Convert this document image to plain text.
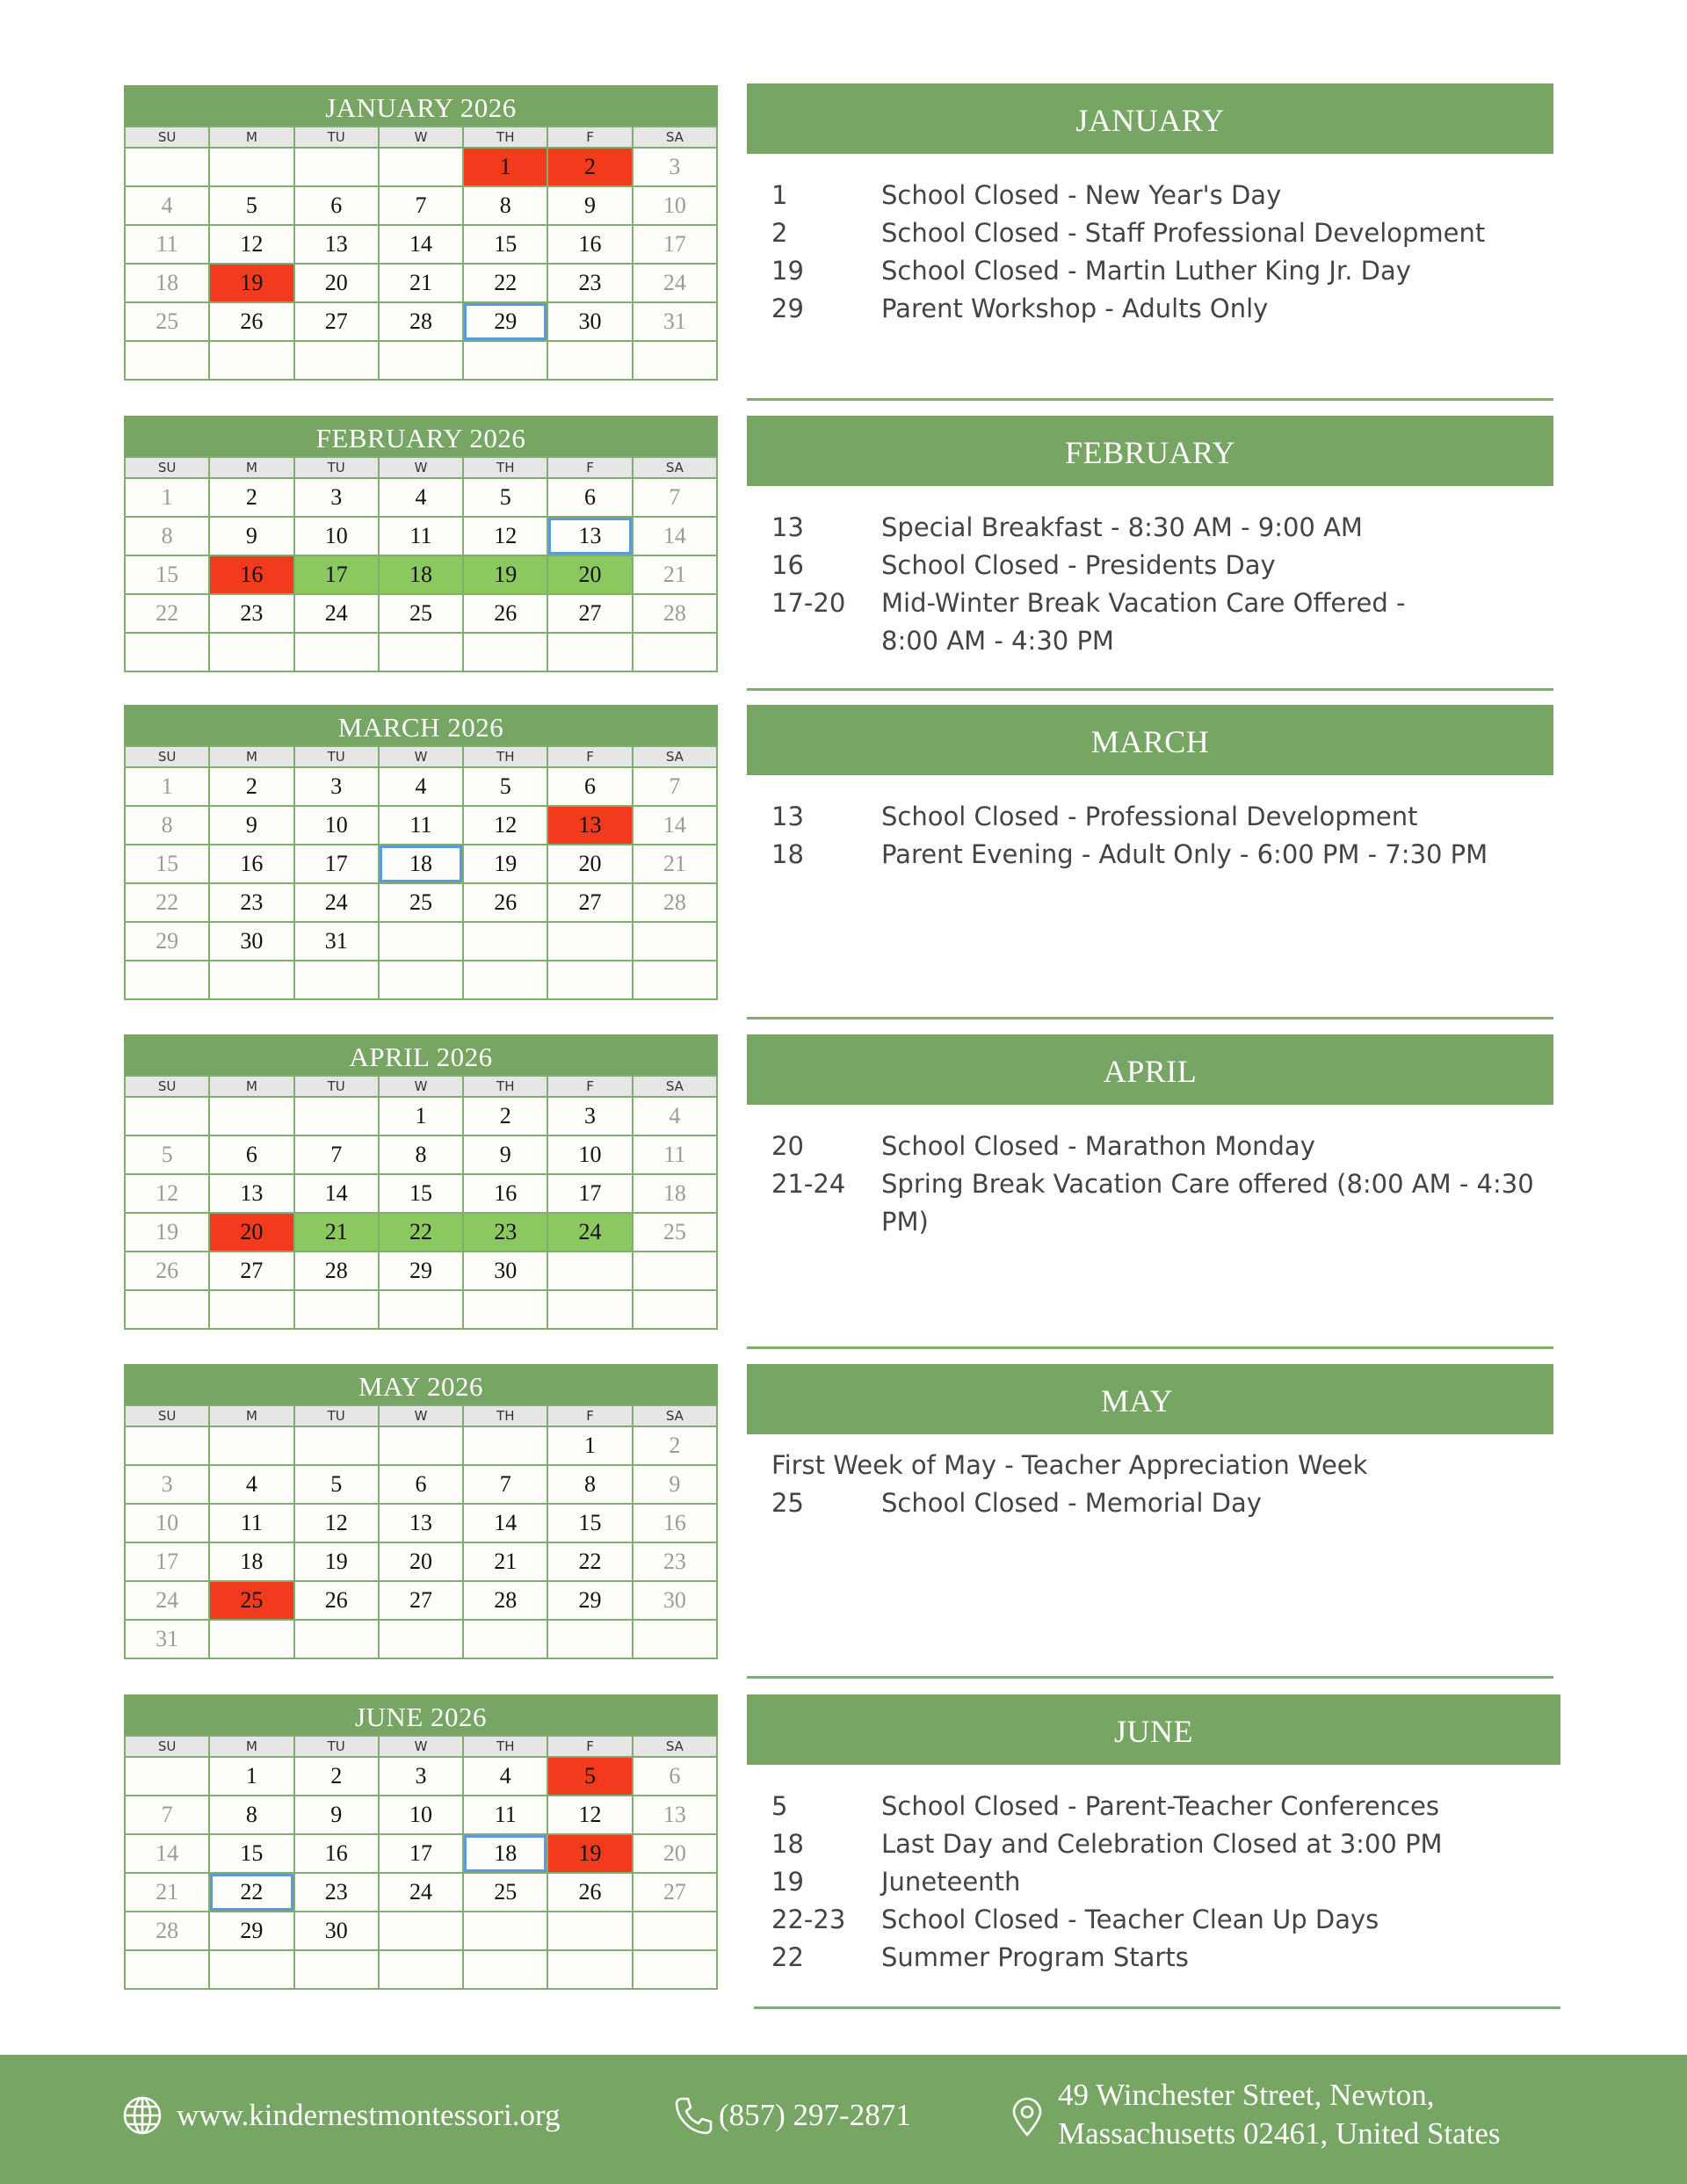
JANUARY 2026
SU	M	TU	W	TH	F	SA
				1	2	3
4	5	6	7	8	9	10
11	12	13	14	15	16	17
18	19	20	21	22	23	24
25	26	27	28	29	30	31

FEBRUARY 2026
SU	M	TU	W	TH	F	SA
1	2	3	4	5	6	7
8	9	10	11	12	13	14
15	16	17	18	19	20	21
22	23	24	25	26	27	28

MARCH 2026
SU	M	TU	W	TH	F	SA
1	2	3	4	5	6	7
8	9	10	11	12	13	14
15	16	17	18	19	20	21
22	23	24	25	26	27	28
29	30	31				

APRIL 2026
SU	M	TU	W	TH	F	SA
			1	2	3	4
5	6	7	8	9	10	11
12	13	14	15	16	17	18
19	20	21	22	23	24	25
26	27	28	29	30		

MAY 2026
SU	M	TU	W	TH	F	SA
					1	2
3	4	5	6	7	8	9
10	11	12	13	14	15	16
17	18	19	20	21	22	23
24	25	26	27	28	29	30
31						
JUNE 2026
SU	M	TU	W	TH	F	SA
	1	2	3	4	5	6
7	8	9	10	11	12	13
14	15	16	17	18	19	20
21	22	23	24	25	26	27
28	29	30				

JANUARY
1	School Closed - New Year's Day
2	School Closed - Staff Professional Development
19	School Closed - Martin Luther King Jr. Day
29	Parent Workshop - Adults Only
FEBRUARY
13	Special Breakfast - 8:30 AM - 9:00 AM
16	School Closed - Presidents Day
17-20	Mid-Winter Break Vacation Care Offered -
8:00 AM - 4:30 PM
MARCH
13	School Closed - Professional Development
18	Parent Evening - Adult Only - 6:00 PM - 7:30 PM
APRIL
20	School Closed - Marathon Monday
21-24	Spring Break Vacation Care offered (8:00 AM - 4:30 PM)
MAY
First Week of May - Teacher Appreciation Week
25	School Closed - Memorial Day
JUNE
5	School Closed - Parent-Teacher Conferences
18	Last Day and Celebration Closed at 3:00 PM
19	Juneteenth
22-23	School Closed - Teacher Clean Up Days
22	Summer Program Starts
www.kindernestmontessori.org	(857) 297-2871
49 Winchester Street, Newton,
Massachusetts 02461, United States
